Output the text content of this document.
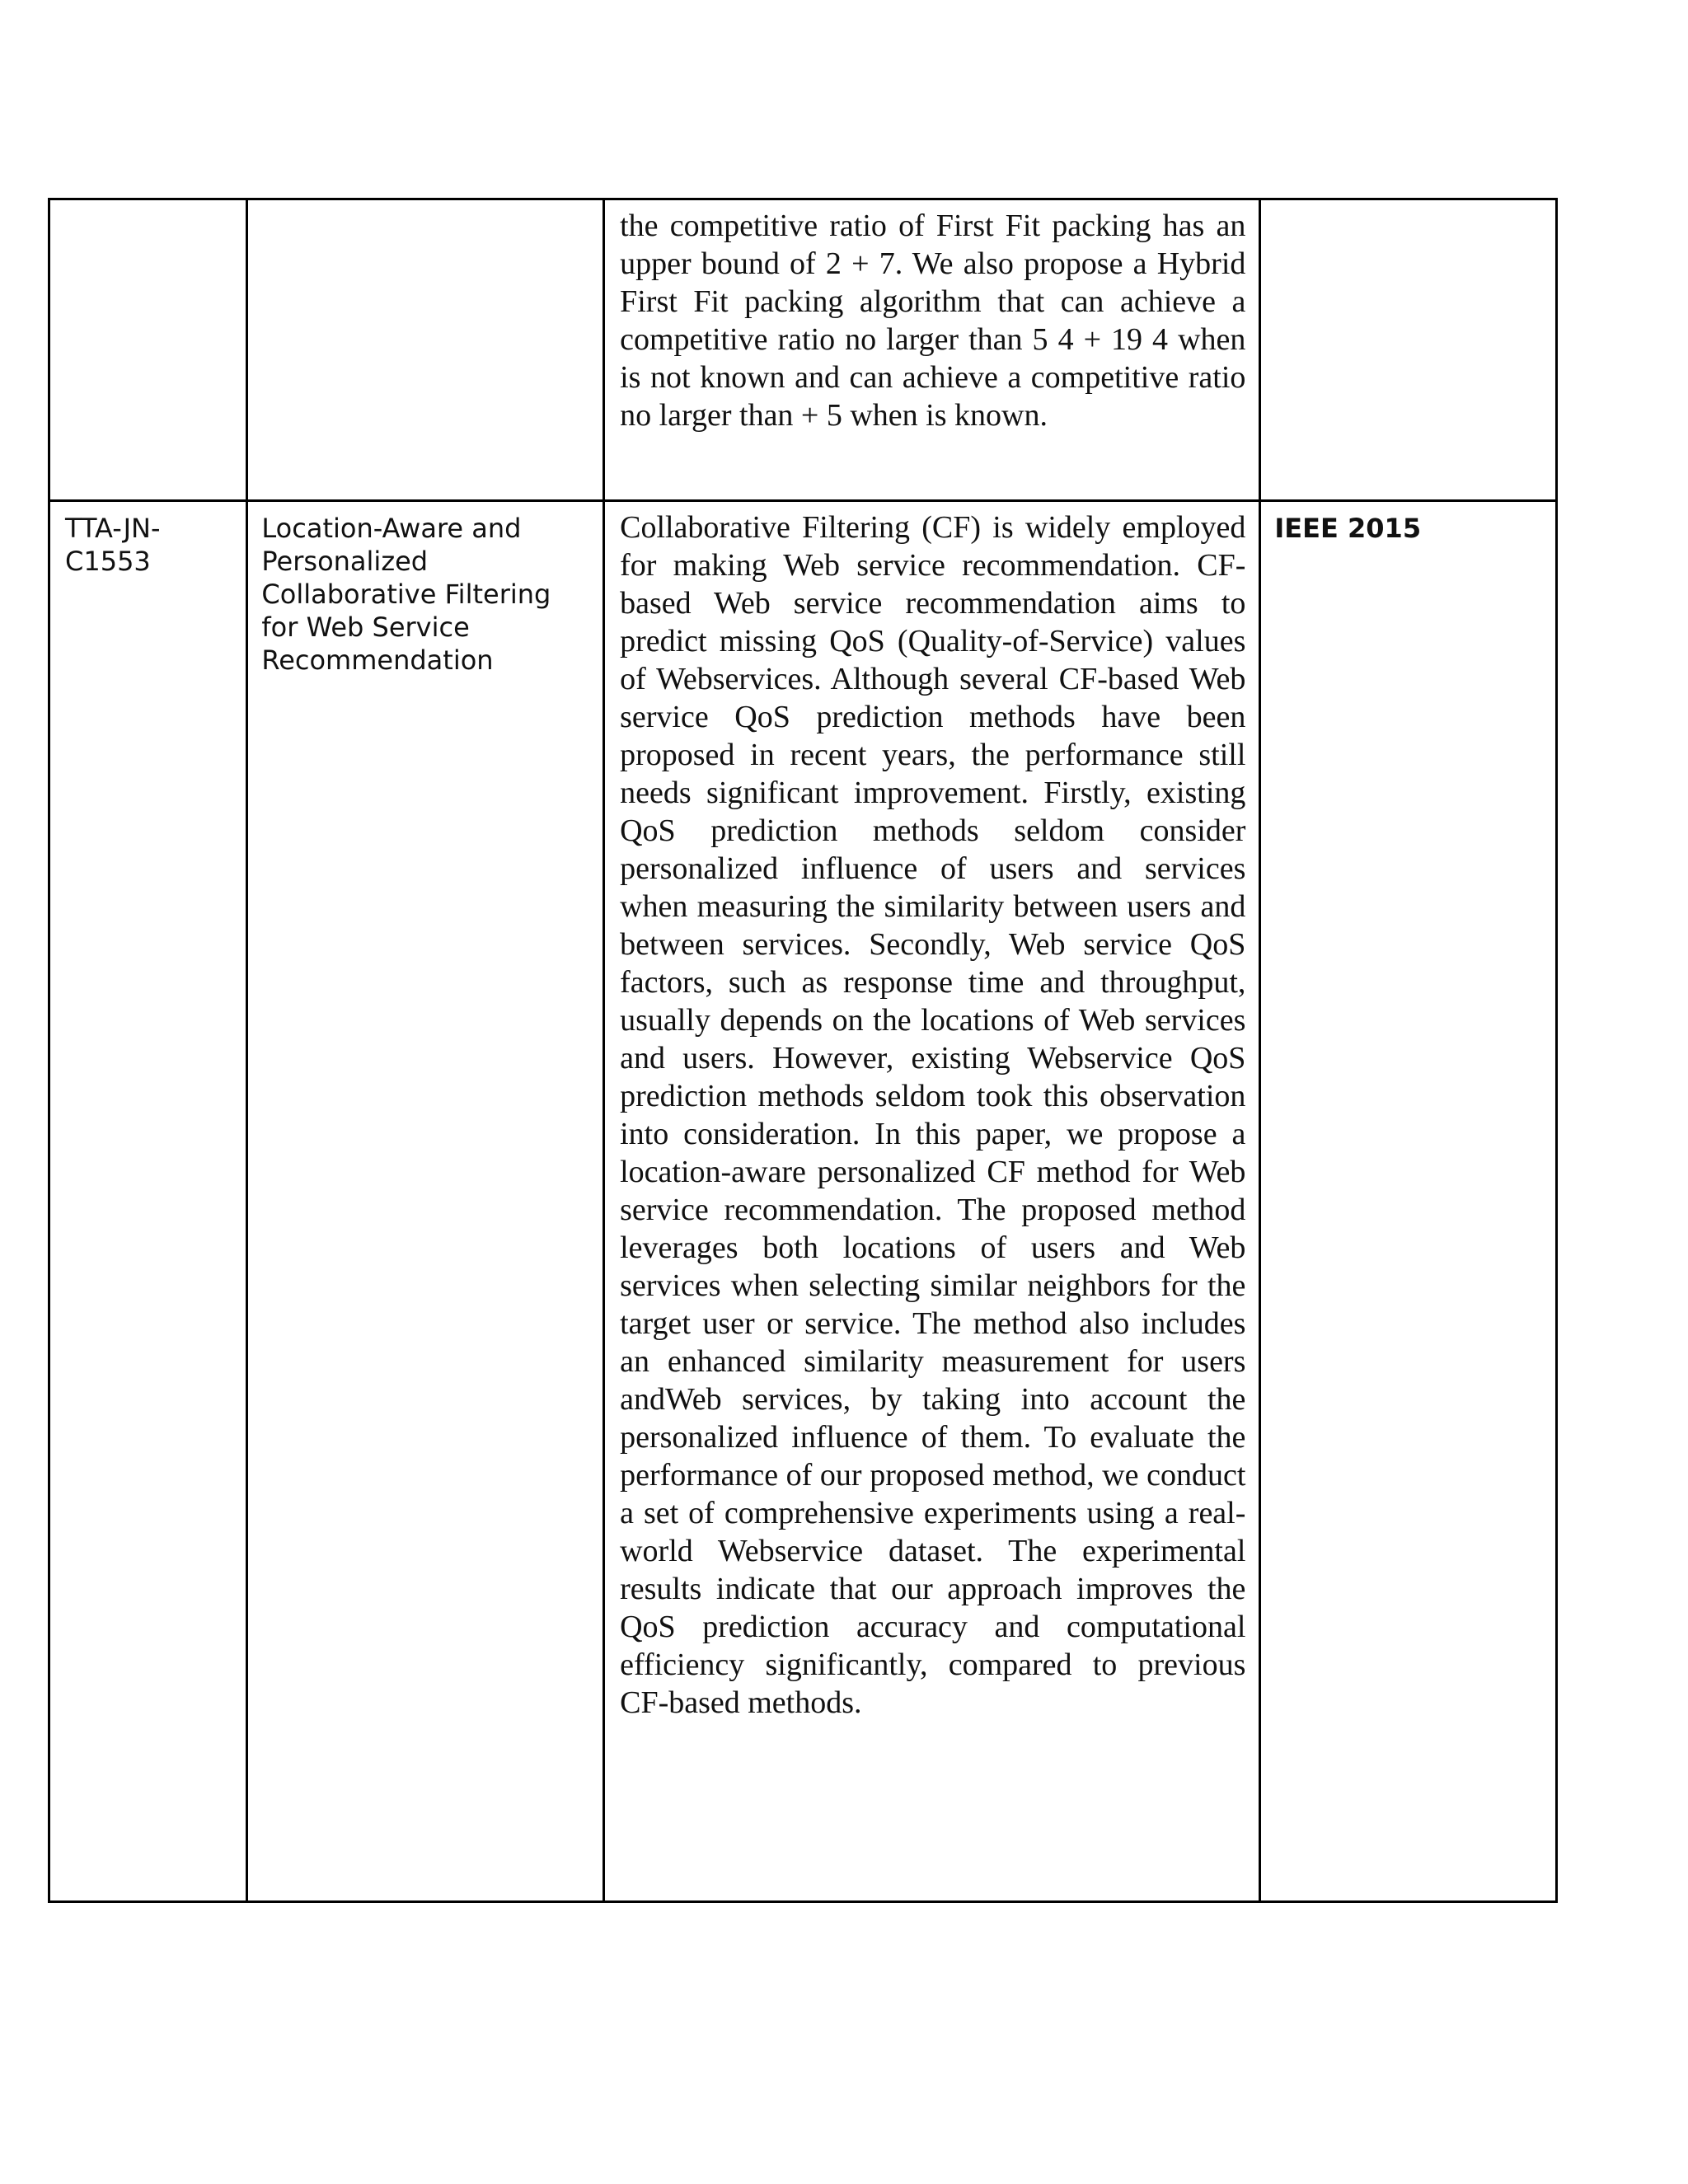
		the competitive ratio of First Fit packing has an upper bound of 2 + 7. We also propose a Hybrid First Fit packing algorithm that can achieve a competitive ratio no larger than 5 4 + 19 4 when is not known and can achieve a competitive ratio no larger than + 5 when is known.	

TTA-JN-C1553	Location-Aware and Personalized Collaborative Filtering for Web Service Recommendation	Collaborative Filtering (CF) is widely employed for making Web service recommendation. CF-based Web service recommendation aims to predict missing QoS (Quality-of-Service) values of Webservices. Although several CF-based Web service QoS prediction methods have been proposed in recent years, the performance still needs significant improvement. Firstly, existing QoS prediction methods seldom consider personalized influence of users and services when measuring the similarity between users and between services. Secondly, Web service QoS factors, such as response time and throughput, usually depends on the locations of Web services and users. However, existing Webservice QoS prediction methods seldom took this observation into consideration. In this paper, we propose a location-aware personalized CF method for Web service recommendation. The proposed method leverages both locations of users and Web services when selecting similar neighbors for the target user or service. The method also includes an enhanced similarity measurement for users andWeb services, by taking into account the personalized influence of them. To evaluate the performance of our proposed method, we conduct a set of comprehensive experiments using a real-world Webservice dataset. The experimental results indicate that our approach improves the QoS prediction accuracy and computational efficiency significantly, compared to previous CF-based methods.	IEEE 2015
